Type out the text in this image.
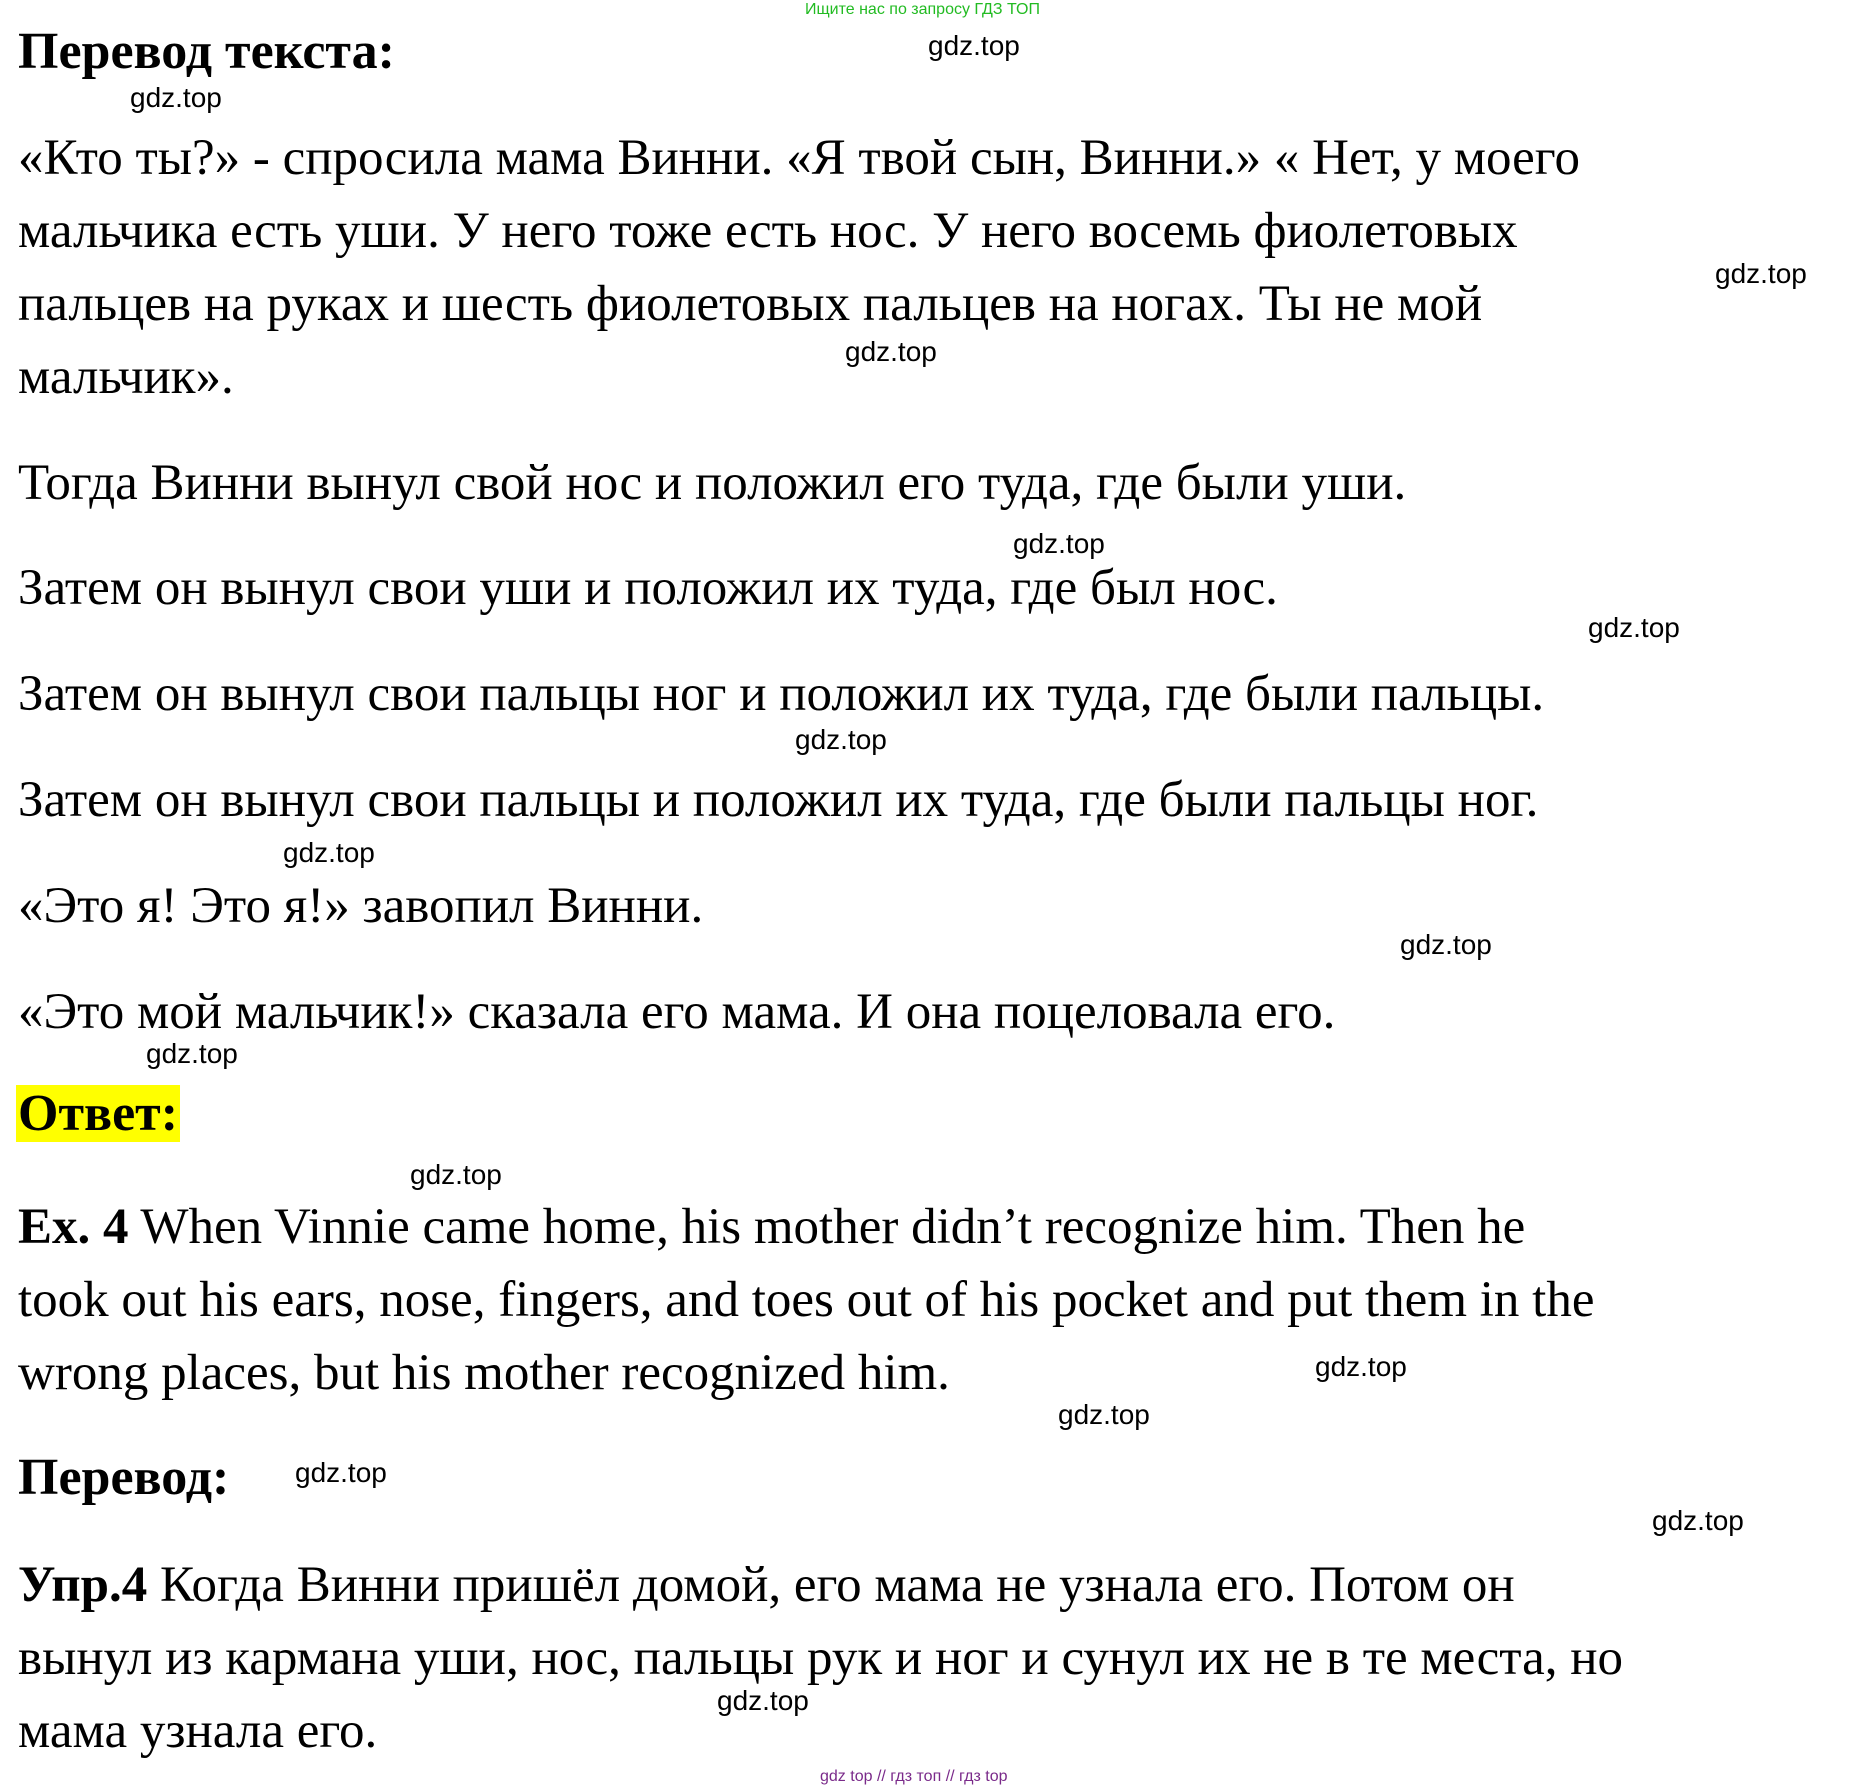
Ищите нас по запросу ГДЗ ТОП
Перевод текста:
«Кто ты?» - спросила мама Винни. «Я твой сын, Винни.» « Нет, у моего
мальчика есть уши. У него тоже есть нос. У него восемь фиолетовых
пальцев на руках и шесть фиолетовых пальцев на ногах. Ты не мой
мальчик».
Тогда Винни вынул свой нос и положил его туда, где были уши.
Затем он вынул свои уши и положил их туда, где был нос.
Затем он вынул свои пальцы ног и положил их туда, где были пальцы.
Затем он вынул свои пальцы и положил их туда, где были пальцы ног.
«Это я! Это я!» завопил Винни.
«Это мой мальчик!» сказала его мама. И она поцеловала его.
Ответ:
Ex. 4 When Vinnie came home, his mother didn’t recognize him. Then he
took out his ears, nose, fingers, and toes out of his pocket and put them in the
wrong places, but his mother recognized him.
Перевод:
Упр.4 Когда Винни пришёл домой, его мама не узнала его. Потом он
вынул из кармана уши, нос, пальцы рук и ног и сунул их не в те места, но
мама узнала его.
gdz.top
gdz.top
gdz.top
gdz.top
gdz.top
gdz.top
gdz.top
gdz.top
gdz.top
gdz.top
gdz.top
gdz.top
gdz.top
gdz.top
gdz.top
gdz.top
gdz top // гдз топ // гдз top
